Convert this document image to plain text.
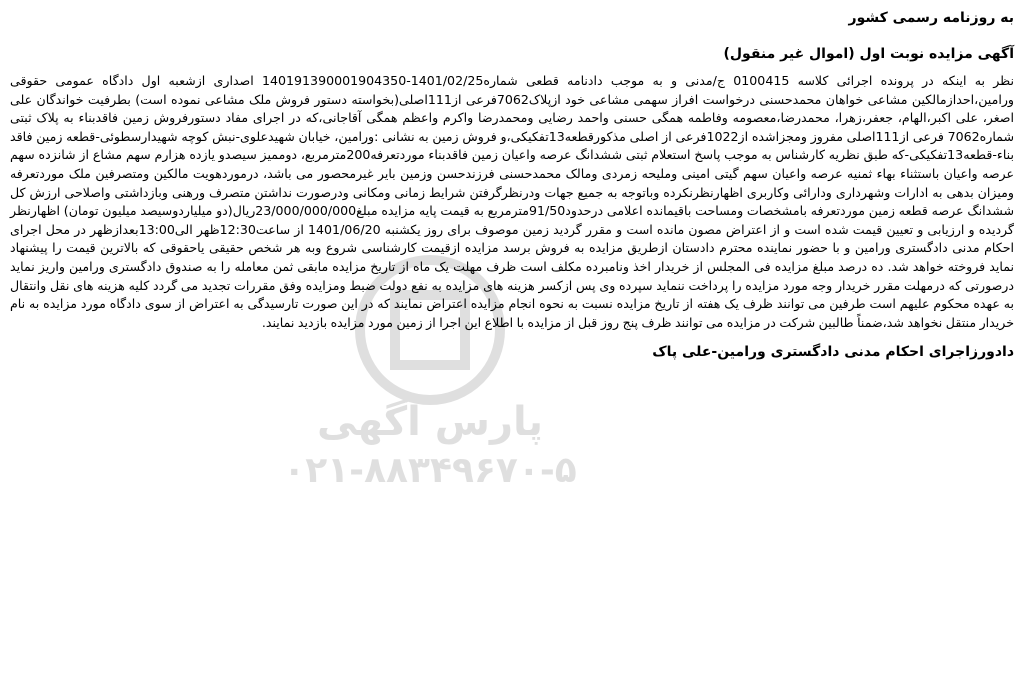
پارس آگهی
۰۲۱-۸۸۳۴۹۶۷۰-۵

به روزنامه رسمی کشور

آگهی مزایده نوبت اول (اموال غیر منقول)

نظر به اینکه در پرونده اجرائی کلاسه 0100415 ج/مدنی و به موجب دادنامه قطعی شماره1401/02/25-140191390001904350 اصداری ازشعبه اول دادگاه عمومی حقوقی ورامین،احدازمالکین مشاعی خواهان محمدحسنی درخواست افراز سهمی مشاعی خود ازپلاک7062فرعی از111اصلی(بخواسته دستور فروش ملک مشاعی نموده است) بطرفیت خواندگان علی اصغر، علی اکبر،الهام، جعفر،زهرا، محمدرضا،معصومه وفاطمه همگی حسنی واحمد رضایی ومحمدرضا واکرم واعظم همگی آقاجانی،که در اجرای مفاد دستورفروش زمین فاقدبناء به پلاک ثبتی شماره7062 فرعی از111اصلی مفروز ومجزاشده از1022فرعی از اصلی مذکورقطعه13تفکیکی،و فروش زمین به نشانی :ورامین، خیابان شهیدعلوی-نبش کوچه شهیدارسطوئی-قطعه زمین فاقد بناء-قطعه13تفکیکی-که طبق نظریه کارشناس به موجب پاسخ استعلام ثبتی ششدانگ عرصه واعیان زمین فاقدبناء موردتعرفه200مترمربع، دوممیز سیصدو یازده هزارم سهم مشاع از شانزده سهم عرصه واعیان باستثناء بهاء ثمنیه عرصه واعیان سهم گیتی امینی ومليحه زمردی ومالک محمدحسنی فرزندحسن وزمین بایر غیرمحصور می باشد، درموردهویت مالکین ومتصرفین ملک موردتعرفه ومیزان بدهی به ادارات وشهرداری ودارائی وکاربری اظهارنظرنکرده وباتوجه به جمیع جهات ودرنظرگرفتن شرایط زمانی ومکانی ودرصورت نداشتن متصرف ورهنی وبازداشتی واصلاحی ارزش کل ششدانگ عرصه قطعه زمین موردتعرفه بامشخصات ومساحت باقیمانده اعلامی درحدود91/50مترمربع به قیمت پایه مزایده مبلغ23/000/000/000ریال(دو میلیاردوسیصد میلیون تومان) اظهارنظر گردیده و ارزیابی و تعیین قیمت شده است و از اعتراض مصون مانده است و مقرر گردید زمین موصوف برای روز یکشنبه 1401/06/20 از ساعت12:30ظهر الی13:00بعدازظهر در محل اجرای احکام مدنی دادگستری ورامین و با حضور نماینده محترم دادستان ازطریق مزایده به فروش برسد مزایده ازقیمت کارشناسی شروع وبه هر شخص حقیقی یاحقوقی که بالاترین قیمت را پیشنهاد نماید فروخته خواهد شد. ده درصد مبلغ مزایده فی المجلس از خریدار اخذ ونامبرده مکلف است ظرف مهلت یک ماه از تاریخ مزایده مابقی ثمن معامله را به صندوق دادگستری ورامین واریز نماید درصورتی که درمهلت مقرر خریدار وجه مورد مزایده را پرداخت ننماید سپرده وی پس ازکسر هزینه های مزایده به نفع دولت ضبط ومزایده وفق مقررات تجدید می گردد کلیه هزینه های نقل وانتقال به عهده محکوم علیهم است طرفین می توانند ظرف یک هفته از تاریخ مزایده نسبت به نحوه انجام مزایده اعتراض نمایند که در این صورت تارسیدگی به اعتراض از سوی دادگاه مورد مزایده به نام خریدار منتقل نخواهد شد،ضمناً طالبین شرکت در مزایده می توانند ظرف پنج روز قبل از مزایده با اطلاع این اجرا از زمین مورد مزایده بازدید نمایند.

دادورزاجرای احکام مدنی دادگستری ورامین-علی پاک
